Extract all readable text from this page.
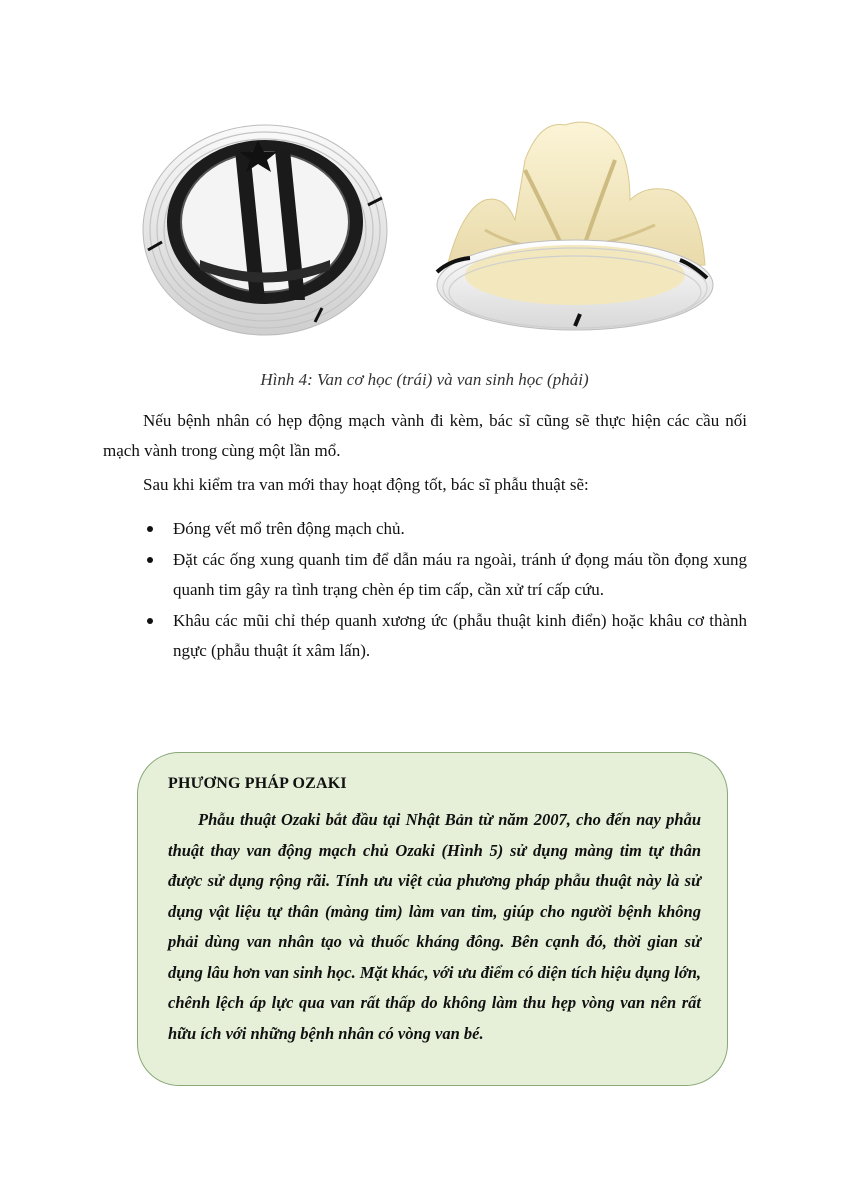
Hình 4: Van cơ học (trái) và van sinh học (phải)

Nếu bệnh nhân có hẹp động mạch vành đi kèm, bác sĩ cũng sẽ thực hiện các cầu nối mạch vành trong cùng một lần mổ.

Sau khi kiểm tra van mới thay hoạt động tốt, bác sĩ phẫu thuật sẽ:

Đóng vết mổ trên động mạch chủ.
Đặt các ống xung quanh tim để dẫn máu ra ngoài, tránh ứ đọng máu tồn đọng xung quanh tim gây ra tình trạng chèn ép tim cấp, cần xử trí cấp cứu.
Khâu các mũi chỉ thép quanh xương ức (phẫu thuật kinh điển) hoặc khâu cơ thành ngực (phẫu thuật ít xâm lấn).
PHƯƠNG PHÁP OZAKI

Phẫu thuật Ozaki bắt đầu tại Nhật Bản từ năm 2007, cho đến nay phẫu thuật thay van động mạch chủ Ozaki (Hình 5) sử dụng màng tim tự thân được sử dụng rộng rãi. Tính ưu việt của phương pháp phẫu thuật này là sử dụng vật liệu tự thân (màng tim) làm van tim, giúp cho người bệnh không phải dùng van nhân tạo và thuốc kháng đông. Bên cạnh đó, thời gian sử dụng lâu hơn van sinh học. Mặt khác, với ưu điểm có diện tích hiệu dụng lớn, chênh lệch áp lực qua van rất thấp do không làm thu hẹp vòng van nên rất hữu ích với những bệnh nhân có vòng van bé.
